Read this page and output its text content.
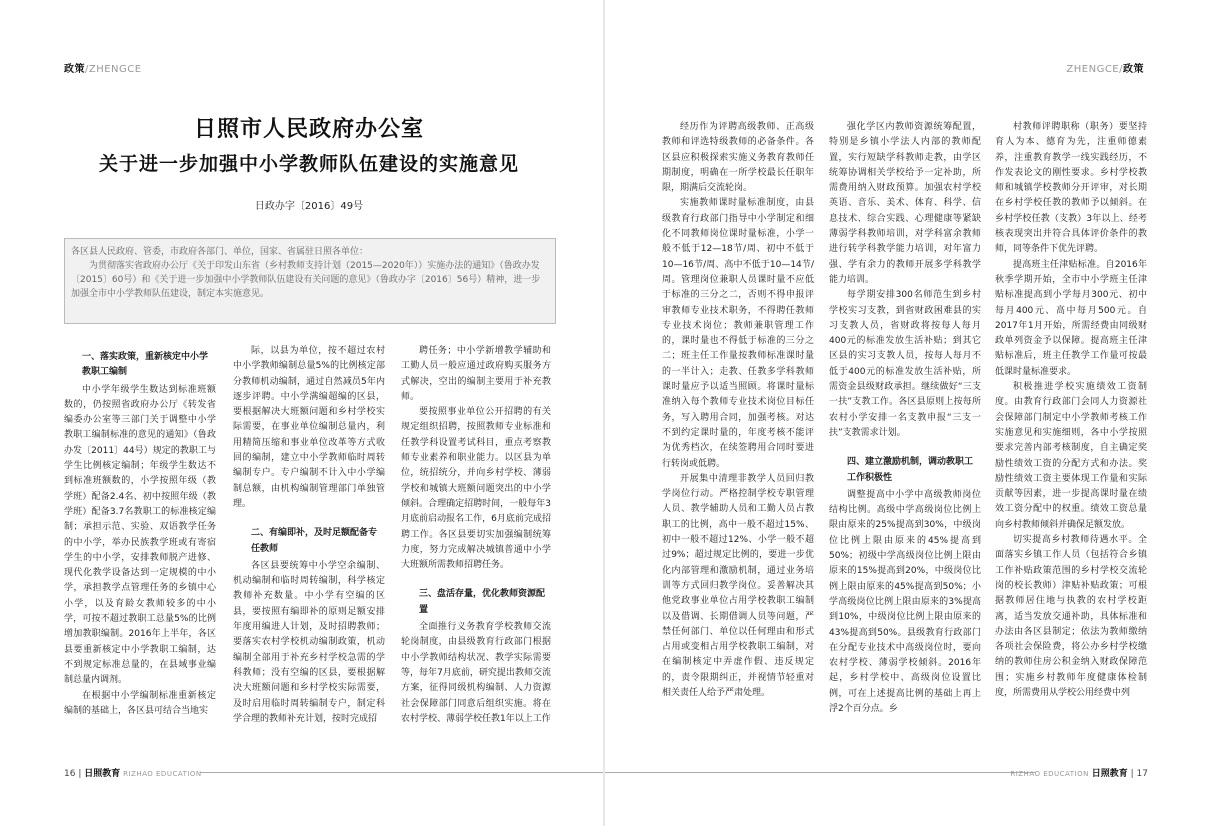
政策/ZHENGCE	ZHENGCE/政策
日照市人民政府办公室
关于进一步加强中小学教师队伍建设的实施意见
日政办字〔2016〕49号

各区县人民政府、管委，市政府各部门、单位，国家、省属驻日照各单位：

为贯彻落实省政府办公厅《关于印发山东省（乡村教师支持计划（2015—2020年））实施办法的通知》（鲁政办发〔2015〕60号）和《关于进一步加强中小学教师队伍建设有关问题的意见》（鲁政办字〔2016〕56号）精神，进一步加强全市中小学教师队伍建设，制定本实施意见。

一、落实政策，重新核定中小学教职工编制

中小学年级学生数达到标准班额数的，仍按照省政府办公厅《转发省编委办公室等三部门关于调整中小学教职工编制标准的意见的通知》（鲁政办发〔2011〕44号）规定的教职工与学生比例核定编制；年级学生数达不到标准班额数的，小学按照年级（教学班）配备2.4名、初中按照年级（教学班）配备3.7名教职工的标准核定编制；承担示范、实验、双语教学任务的中小学，举办民族教学班或有寄宿学生的中小学，安排教师脱产进修、现代化教学设备达到一定规模的中小学，承担教学点管理任务的乡镇中心小学，以及育龄女教师较多的中小学，可按不超过教职工总量5%的比例增加教职编制。2016年上半年，各区县要重新核定中小学教职工编制，达不到规定标准总量的，在县域事业编制总量内调剂。

在根据中小学编制标准重新核定编制的基础上，各区县可结合当地实

际，以县为单位，按不超过农村中小学教师编制总量5%的比例核定部分教师机动编制，通过自然减员5年内逐步评聘。中小学满编超编的区县，要根据解决大班额问题和乡村学校实际需要，在事业单位编制总量内，利用精简压缩和事业单位改革等方式收回的编制，建立中小学教师临时周转编制专户。专户编制不计入中小学编制总额，由机构编制管理部门单独管理。

二、有编即补，及时足额配备专任教师

各区县要统筹中小学空余编制、机动编制和临时周转编制，科学核定教师补充数量。中小学有空编的区县，要按照有编即补的原则足额安排年度用编进人计划，及时招聘教师；要落实农村学校机动编制政策，机动编制全部用于补充乡村学校急需的学科教师；没有空编的区县，要根据解决大班额问题和乡村学校实际需要，及时启用临时周转编制专户，制定科学合理的教师补充计划，按时完成招

聘任务；中小学新增教学辅助和工勤人员一般应通过政府购买服务方式解决，空出的编制主要用于补充教师。

要按照事业单位公开招聘的有关规定组织招聘，按照教师专业标准和任教学科设置考试科目，重点考察教师专业素养和职业能力。以区县为单位，统招统分，并向乡村学校、薄弱学校和城镇大班额问题突出的中小学倾斜。合理确定招聘时间，一般每年3月底前启动报名工作，6月底前完成招聘工作。各区县要切实加强编制统筹力度，努力完成解决城镇普通中小学大班额所需教师招聘任务。

三、盘活存量，优化教师资源配置

全面推行义务教育学校教师交流轮岗制度，由县级教育行政部门根据中小学教师结构状况、教学实际需要等，每年7月底前，研究提出教师交流方案，征得同级机构编制、人力资源社会保障部门同意后组织实施。将在农村学校、薄弱学校任教1年以上工作

经历作为评聘高级教师、正高级教师和评选特级教师的必备条件。各区县应积极探索实施义务教育教师任期制度，明确在一所学校最长任职年限，期满后交流轮岗。

实施教师课时量标准制度，由县级教育行政部门指导中小学制定和细化不同教师岗位课时量标准，小学一般不低于12—18节/周、初中不低于10—16节/周、高中不低于10—14节/周。管理岗位兼职人员课时量不应低于标准的三分之二，否则不得申报评审教师专业技术职务，不得聘任教师专业技术岗位；教师兼职管理工作的，课时量也不得低于标准的三分之二；班主任工作量按教师标准课时量的一半计入；走教、任教多学科教师课时量应予以适当照顾。将课时量标准纳入每个教师专业技术岗位目标任务，写入聘用合同，加强考核。对达不到约定课时量的，年度考核不能评为优秀档次，在续签聘用合同时要进行转岗或低聘。

开展集中清理非教学人员回归教学岗位行动。严格控制学校专职管理人员、教学辅助人员和工勤人员占教职工的比例，高中一般不超过15%、初中一般不超过12%、小学一般不超过9%；超过规定比例的，要进一步优化内部管理和激励机制，通过业务培训等方式回归教学岗位。妥善解决其他党政事业单位占用学校教职工编制以及借调、长期借调人员等问题，严禁任何部门、单位以任何理由和形式占用或变相占用学校教职工编制，对在编制核定中弄虚作假、违反规定的，责令限期纠正，并视情节轻重对相关责任人给予严肃处理。

强化学区内教师资源统筹配置，特别是乡镇小学法人内部的教师配置，实行短缺学科教师走教，由学区统筹协调相关学校给予一定补助，所需费用纳入财政预算。加强农村学校英语、音乐、美术、体育、科学、信息技术、综合实践、心理健康等紧缺薄弱学科教师培训，对学科富余教师进行转学科教学能力培训，对年富力强、学有余力的教师开展多学科教学能力培训。

每学期安排300名师范生到乡村学校实习支教，到省财政困难县的实习支教人员，省财政将按每人每月400元的标准发放生活补贴；到其它区县的实习支教人员，按每人每月不低于400元的标准发放生活补贴，所需资金县级财政承担。继续做好“三支一扶”支教工作。各区县原则上按每所农村小学安排一名支教申报“三支一扶”支教需求计划。

四、建立激励机制，调动教职工工作积极性

调整提高中小学中高级教师岗位结构比例。高级中学高级岗位比例上限由原来的25%提高到30%，中级岗位比例上限由原来的45%提高到50%；初级中学高级岗位比例上限由原来的15%提高到20%，中级岗位比例上限由原来的45%提高到50%；小学高级岗位比例上限由原来的3%提高到10%，中级岗位比例上限由原来的43%提高到50%。县级教育行政部门在分配专业技术中高级岗位时，要向农村学校、薄弱学校倾斜。2016年起，乡村学校中、高级岗位设置比例，可在上述提高比例的基础上再上浮2个百分点。乡

村教师评聘职称（职务）要坚持育人为本、德育为先，注重师德素养，注重教育教学一线实践经历，不作发表论文的刚性要求。乡村学校教师和城镇学校教师分开评审，对长期在乡村学校任教的教师予以倾斜。在乡村学校任教（支教）3年以上、经考核表现突出并符合具体评价条件的教师，同等条件下优先评聘。

提高班主任津贴标准。自2016年秋季学期开始，全市中小学班主任津贴标准提高到小学每月300元、初中每月400元、高中每月500元。自2017年1月开始，所需经费由同级财政单列资金予以保障。提高班主任津贴标准后，班主任教学工作量可按最低课时量标准要求。

积极推进学校实施绩效工资制度。由教育行政部门会同人力资源社会保障部门制定中小学教师考核工作实施意见和实施细则，各中小学按照要求完善内部考核制度，自主确定奖励性绩效工资的分配方式和办法。奖励性绩效工资主要体现工作量和实际贡献等因素，进一步提高课时量在绩效工资分配中的权重。绩效工资总量向乡村教师倾斜并确保足额发放。

切实提高乡村教师待遇水平。全面落实乡镇工作人员（包括符合乡镇工作补贴政策范围的乡村学校交流轮岗的校长教师）津贴补贴政策；可根据教师居住地与执教的农村学校距离，适当发放交通补助，具体标准和办法由各区县制定；依法为教师缴纳各项社会保险费，将公办乡村学校缴纳的教师住房公积金纳入财政保障范围；实施乡村教师年度健康体检制度，所需费用从学校公用经费中列

16 | 日照教育 RIZHAO EDUCATION	RIZHAO EDUCATION 日照教育 | 17
